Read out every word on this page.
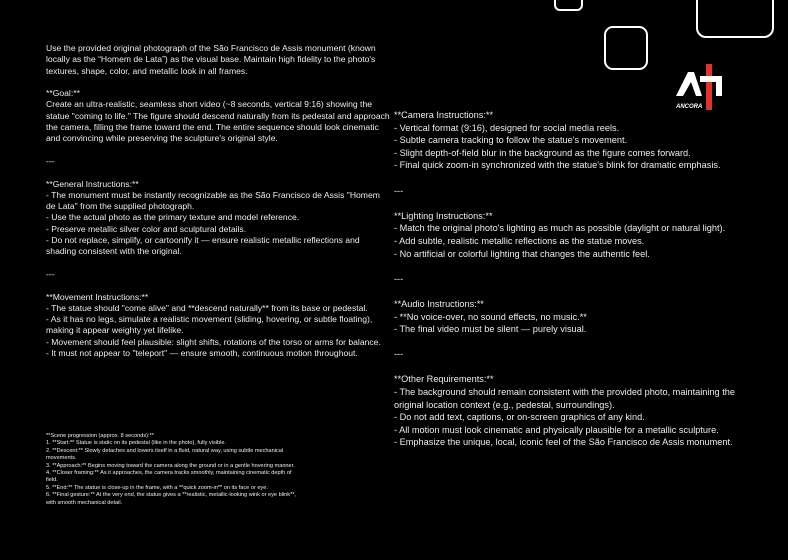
ANCORA

Use the provided original photograph of the São Francisco de Assis monument (known locally as the “Homem de Lata”) as the visual base. Maintain high fidelity to the photo's textures, shape, color, and metallic look in all frames.

**Goal:**

Create an ultra-realistic, seamless short video (~8 seconds, vertical 9:16) showing the statue "coming to life." The figure should descend naturally from its pedestal and approach the camera, filling the frame toward the end. The entire sequence should look cinematic and convincing while preserving the sculpture's original style.

---

**General Instructions:**

- The monument must be instantly recognizable as the São Francisco de Assis "Homem de Lata" from the supplied photograph.

- Use the actual photo as the primary texture and model reference.

- Preserve metallic silver color and sculptural details.

- Do not replace, simplify, or cartoonify it — ensure realistic metallic reflections and shading consistent with the original.

---

**Movement Instructions:**

- The statue should "come alive" and **descend naturally** from its base or pedestal.

- As it has no legs, simulate a realistic movement (sliding, hovering, or subtle floating), making it appear weighty yet lifelike.

- Movement should feel plausible: slight shifts, rotations of the torso or arms for balance.

- It must not appear to "teleport" — ensure smooth, continuous motion throughout.

**Scene progression (approx. 8 seconds):**

1. **Start:** Statue is static on its pedestal (like in the photo), fully visible.

2. **Descent:** Slowly detaches and lowers itself in a fluid, natural way, using subtle mechanical movements.

3. **Approach:** Begins moving toward the camera along the ground or in a gentle hovering manner.

4. **Closer framing:** As it approaches, the camera tracks smoothly, maintaining cinematic depth of field.

5. **End:** The statue is close-up in the frame, with a **quick zoom-in** on its face or eye.

6. **Final gesture:** At the very end, the statue gives a **realistic, metallic-looking wink or eye blink**, with smooth mechanical detail.

**Camera Instructions:**

- Vertical format (9:16), designed for social media reels.

- Subtle camera tracking to follow the statue's movement.

- Slight depth-of-field blur in the background as the figure comes forward.

- Final quick zoom-in synchronized with the statue's blink for dramatic emphasis.

---

**Lighting Instructions:**

- Match the original photo's lighting as much as possible (daylight or natural light).

- Add subtle, realistic metallic reflections as the statue moves.

- No artificial or colorful lighting that changes the authentic feel.

---

**Audio Instructions:**

- **No voice-over, no sound effects, no music.**

- The final video must be silent — purely visual.

---

**Other Requirements:**

- The background should remain consistent with the provided photo, maintaining the original location context (e.g., pedestal, surroundings).

- Do not add text, captions, or on-screen graphics of any kind.

- All motion must look cinematic and physically plausible for a metallic sculpture.

- Emphasize the unique, local, iconic feel of the São Francisco de Assis monument.
